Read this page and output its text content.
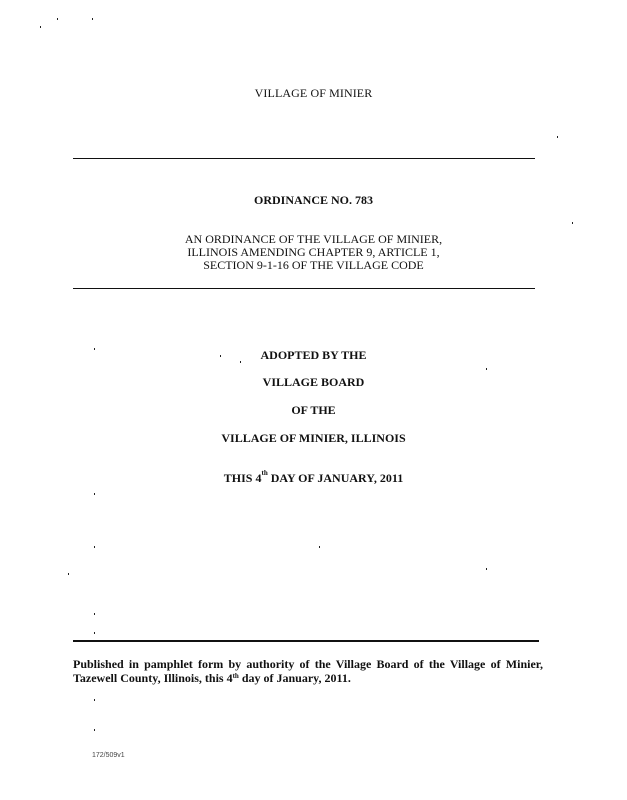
VILLAGE OF MINIER
ORDINANCE NO. 783
AN ORDINANCE OF THE VILLAGE OF MINIER,
ILLINOIS AMENDING CHAPTER 9, ARTICLE 1,
SECTION 9-1-16 OF THE VILLAGE CODE
ADOPTED BY THE
VILLAGE BOARD
OF THE
VILLAGE OF MINIER, ILLINOIS
THIS 4th DAY OF JANUARY, 2011
Published in pamphlet form by authority of the Village Board of the Village of Minier, Tazewell County, Illinois, this 4th day of January, 2011.
172/509v1
